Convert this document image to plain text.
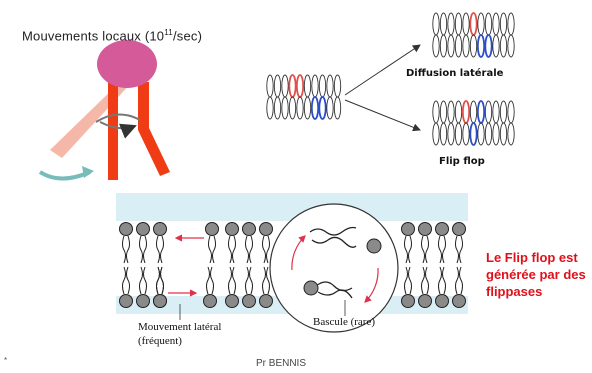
Mouvements locaux $(10^{11}/\sec)$
Diffusion latérale
Flip flop
Le Flip flop est générée par des flippases
Mouvement latéral
(fréquent)
Bascule (rare)
Pr BENNIS
*
